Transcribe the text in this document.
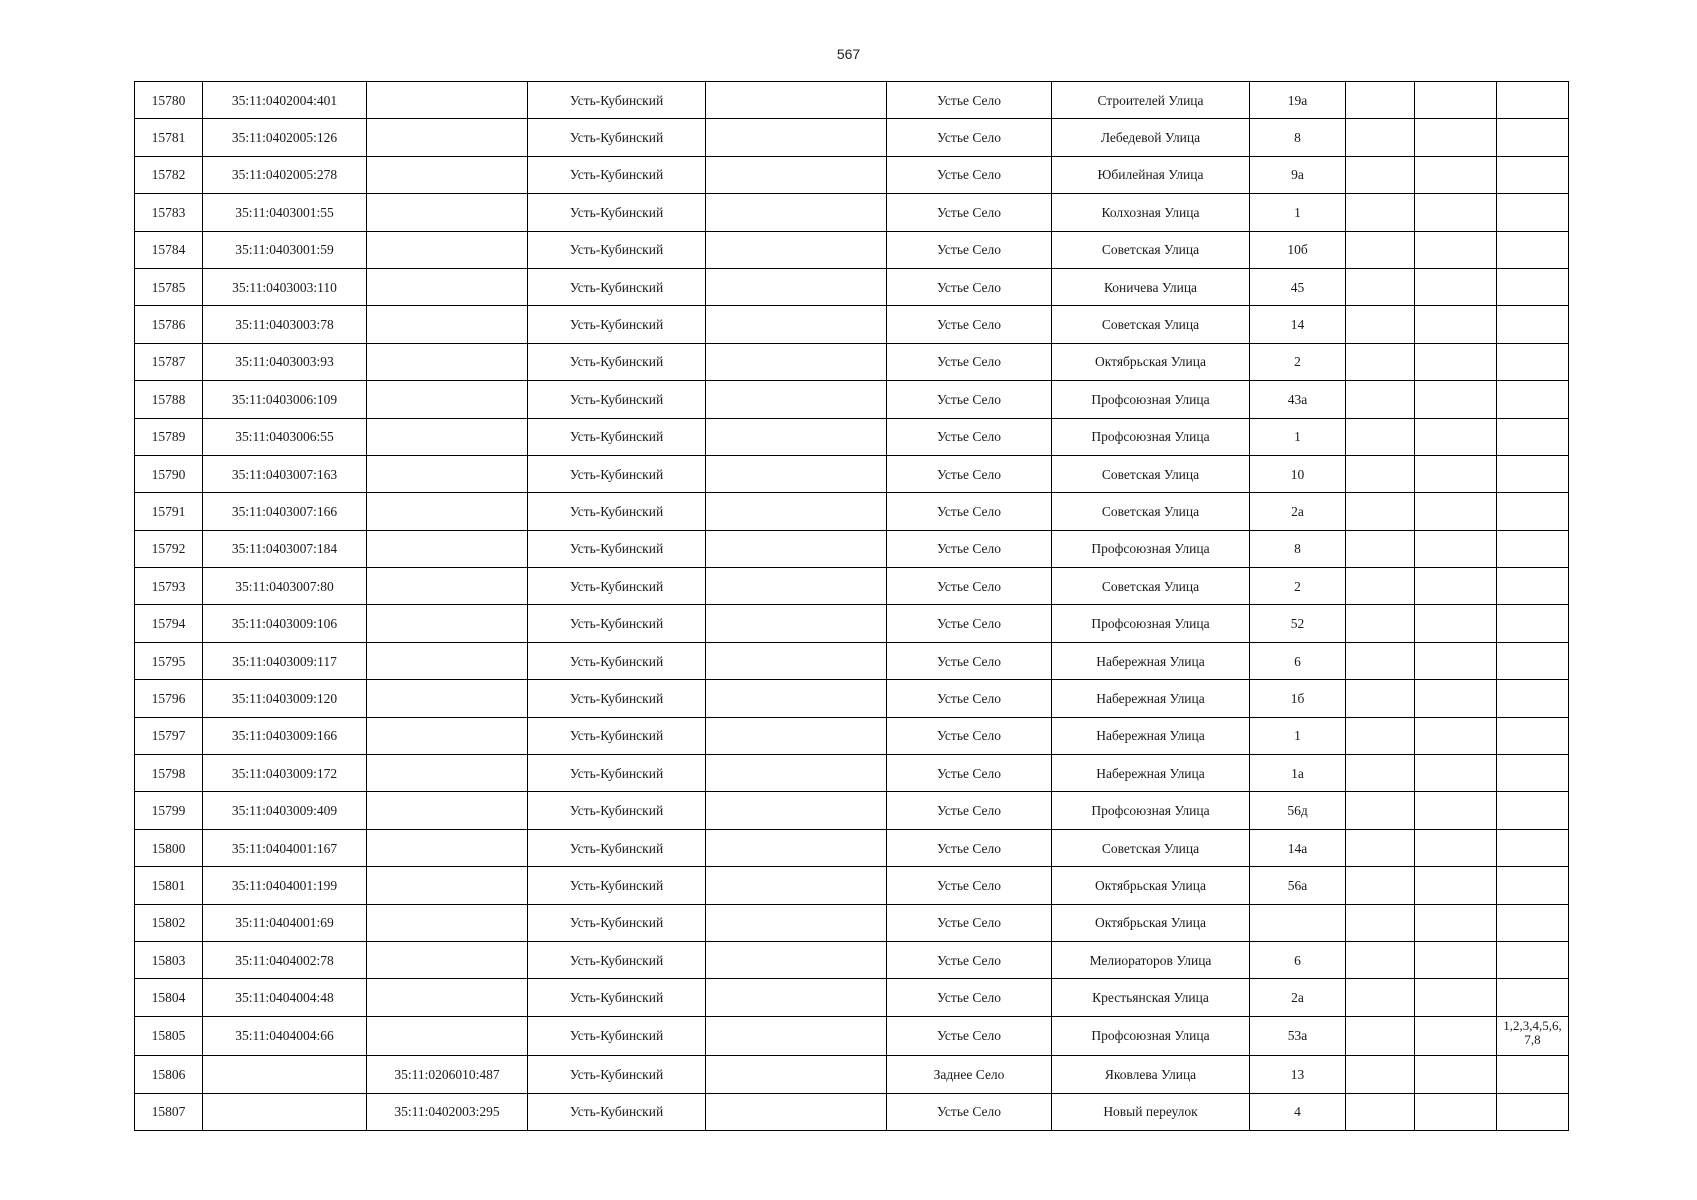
567
15780	35:11:0402004:401		Усть-Кубинский		Устье Село	Строителей Улица	19а			
15781	35:11:0402005:126		Усть-Кубинский		Устье Село	Лебедевой Улица	8			
15782	35:11:0402005:278		Усть-Кубинский		Устье Село	Юбилейная Улица	9а			
15783	35:11:0403001:55		Усть-Кубинский		Устье Село	Колхозная Улица	1			
15784	35:11:0403001:59		Усть-Кубинский		Устье Село	Советская Улица	10б			
15785	35:11:0403003:110		Усть-Кубинский		Устье Село	Коничева Улица	45			
15786	35:11:0403003:78		Усть-Кубинский		Устье Село	Советская Улица	14			
15787	35:11:0403003:93		Усть-Кубинский		Устье Село	Октябрьская Улица	2			
15788	35:11:0403006:109		Усть-Кубинский		Устье Село	Профсоюзная Улица	43а			
15789	35:11:0403006:55		Усть-Кубинский		Устье Село	Профсоюзная Улица	1			
15790	35:11:0403007:163		Усть-Кубинский		Устье Село	Советская Улица	10			
15791	35:11:0403007:166		Усть-Кубинский		Устье Село	Советская Улица	2а			
15792	35:11:0403007:184		Усть-Кубинский		Устье Село	Профсоюзная Улица	8			
15793	35:11:0403007:80		Усть-Кубинский		Устье Село	Советская Улица	2			
15794	35:11:0403009:106		Усть-Кубинский		Устье Село	Профсоюзная Улица	52			
15795	35:11:0403009:117		Усть-Кубинский		Устье Село	Набережная Улица	6			
15796	35:11:0403009:120		Усть-Кубинский		Устье Село	Набережная Улица	1б			
15797	35:11:0403009:166		Усть-Кубинский		Устье Село	Набережная Улица	1			
15798	35:11:0403009:172		Усть-Кубинский		Устье Село	Набережная Улица	1а			
15799	35:11:0403009:409		Усть-Кубинский		Устье Село	Профсоюзная Улица	56д			
15800	35:11:0404001:167		Усть-Кубинский		Устье Село	Советская Улица	14а			
15801	35:11:0404001:199		Усть-Кубинский		Устье Село	Октябрьская Улица	56а			
15802	35:11:0404001:69		Усть-Кубинский		Устье Село	Октябрьская Улица				
15803	35:11:0404002:78		Усть-Кубинский		Устье Село	Мелиораторов Улица	6			
15804	35:11:0404004:48		Усть-Кубинский		Устье Село	Крестьянская Улица	2а			
15805	35:11:0404004:66		Усть-Кубинский		Устье Село	Профсоюзная Улица	53а			1,2,3,4,5,6,7,8
15806		35:11:0206010:487	Усть-Кубинский		Заднее Село	Яковлева Улица	13			
15807		35:11:0402003:295	Усть-Кубинский		Устье Село	Новый переулок	4			
